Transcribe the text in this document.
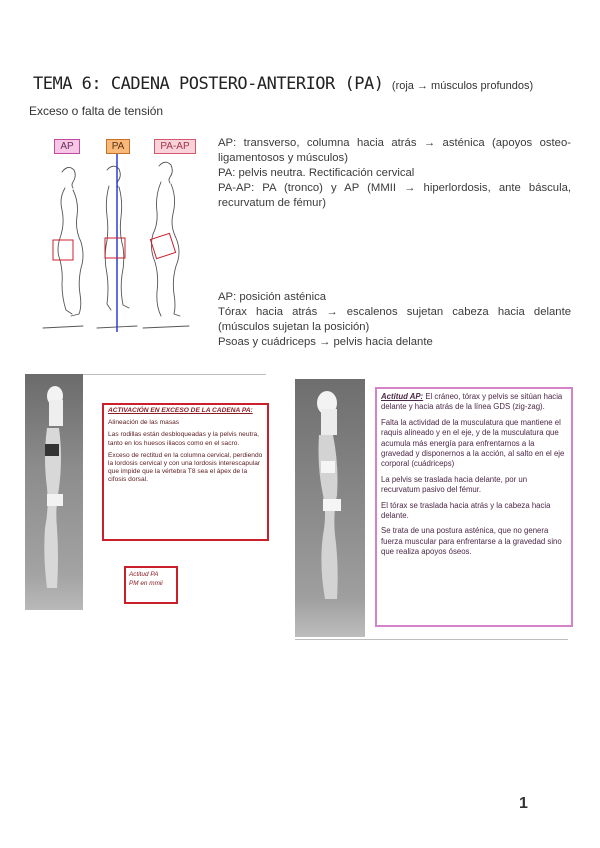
TEMA 6: CADENA POSTERO-ANTERIOR (PA) (roja → músculos profundos)
Exceso o falta de tensión
AP	PA	PA-AP	AP: transverso, columna hacia atrás → asténica (apoyos osteo-ligamentosos y músculos)
PA: pelvis neutra. Rectificación cervical
PA-AP: PA (tronco) y AP (MMII → hiperlordosis, ante báscula, recurvatum de fémur)
AP: posición asténica
Tórax hacia atrás → escalenos sujetan cabeza hacia delante (músculos sujetan la posición)
Psoas y cuádriceps → pelvis hacia delante

ACTIVACIÓN EN EXCESO DE LA CADENA PA:

Alineación de las masas

Las rodillas están desbloqueadas y la pelvis neutra, tanto en los huesos iliacos como en el sacro.

Exceso de rectitud en la columna cervical, perdiendo la lordosis cervical y con una lordosis interescapular que impide que la vértebra T8 sea el ápex de la cifosis dorsal.

Actitud PA
PM en mmii

Actitud AP: El cráneo, tórax y pelvis se sitúan hacia delante y hacia atrás de la línea GDS (zig-zag).

Falta la actividad de la musculatura que mantiene el raquis alineado y en el eje, y de la musculatura que acumula más energía para enfrentarnos a la gravedad y disponernos a la acción, al salto en el eje corporal (cuádriceps)

La pelvis se traslada hacia delante, por un recurvatum pasivo del fémur.

El tórax se traslada hacia atrás y la cabeza hacia delante.

Se trata de una postura asténica, que no genera fuerza muscular para enfrentarse a la gravedad sino que realiza apoyos óseos.

1
